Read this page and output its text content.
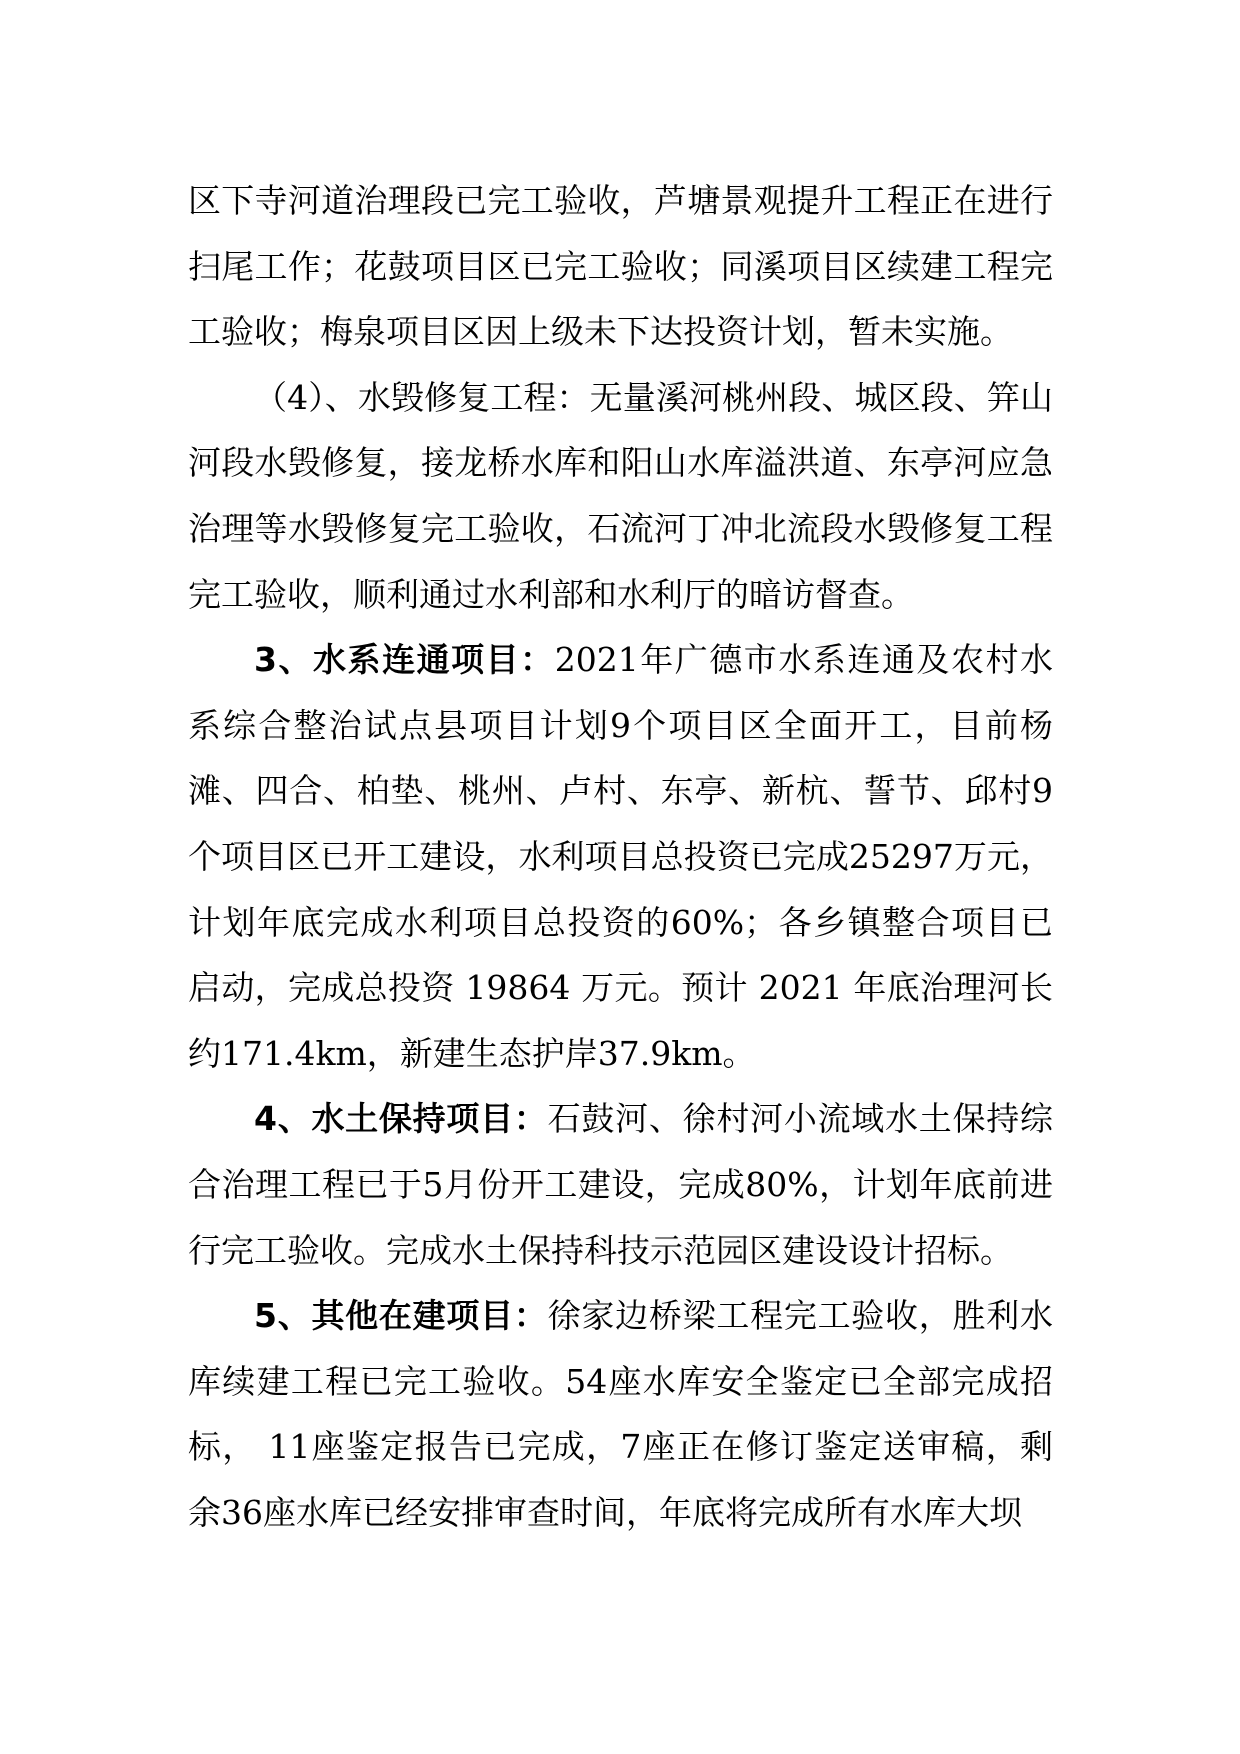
区下寺河道治理段已完工验收，芦塘景观提升工程正在进行扫尾工作；花鼓项目区已完工验收；同溪项目区续建工程完工验收；梅泉项目区因上级未下达投资计划，暂未实施。

（4）、水毁修复工程：无量溪河桃州段、城区段、笄山河段水毁修复，接龙桥水库和阳山水库溢洪道、东亭河应急治理等水毁修复完工验收，石流河丁冲北流段水毁修复工程完工验收，顺利通过水利部和水利厅的暗访督查。

3、水系连通项目：2021年广德市水系连通及农村水系综合整治试点县项目计划9个项目区全面开工，目前杨滩、四合、柏垫、桃州、卢村、东亭、新杭、誓节、邱村9个项目区已开工建设，水利项目总投资已完成25297万元，计划年底完成水利项目总投资的60%；各乡镇整合项目已启动，完成总投资 19864 万元。预计 2021 年底治理河长约171.4km，新建生态护岸37.9km。

4、水土保持项目：石鼓河、徐村河小流域水土保持综合治理工程已于5月份开工建设，完成80%，计划年底前进行完工验收。完成水土保持科技示范园区建设设计招标。

5、其他在建项目：徐家边桥梁工程完工验收，胜利水库续建工程已完工验收。54座水库安全鉴定已全部完成招标， 11座鉴定报告已完成，7座正在修订鉴定送审稿，剩余36座水库已经安排审查时间，年底将完成所有水库大坝
